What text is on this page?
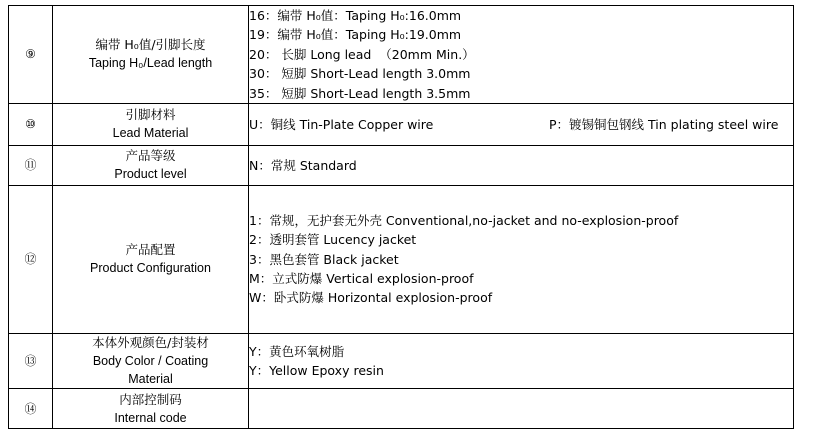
⑨	编带 H₀值/引脚长度
Taping H₀/Lead length	16：编带 H₀值：Taping H₀:16.0mm
19：编带 H₀值：Taping H₀:19.0mm
20： 长脚 Long lead  （20mm Min.）
30： 短脚 Short-Lead length 3.0mm
35： 短脚 Short-Lead length 3.5mm

⑩	引脚材料
Lead Material	U：铜线 Tin-Plate Copper wire P：镀锡铜包钢线 Tin plating steel wire

⑪	产品等级
Product level	N：常规 Standard

⑫	产品配置
Product Configuration	1：常规，无护套无外壳 Conventional,no-jacket and no-explosion-proof
2：透明套管 Lucency jacket
3：黑色套管 Black jacket
M：立式防爆 Vertical explosion-proof
W：卧式防爆 Horizontal explosion-proof

⑬	本体外观颜色/封装材
Body Color / Coating
Material	Y：黄色环氧树脂
Y：Yellow Epoxy resin

⑭	内部控制码
Internal code	
